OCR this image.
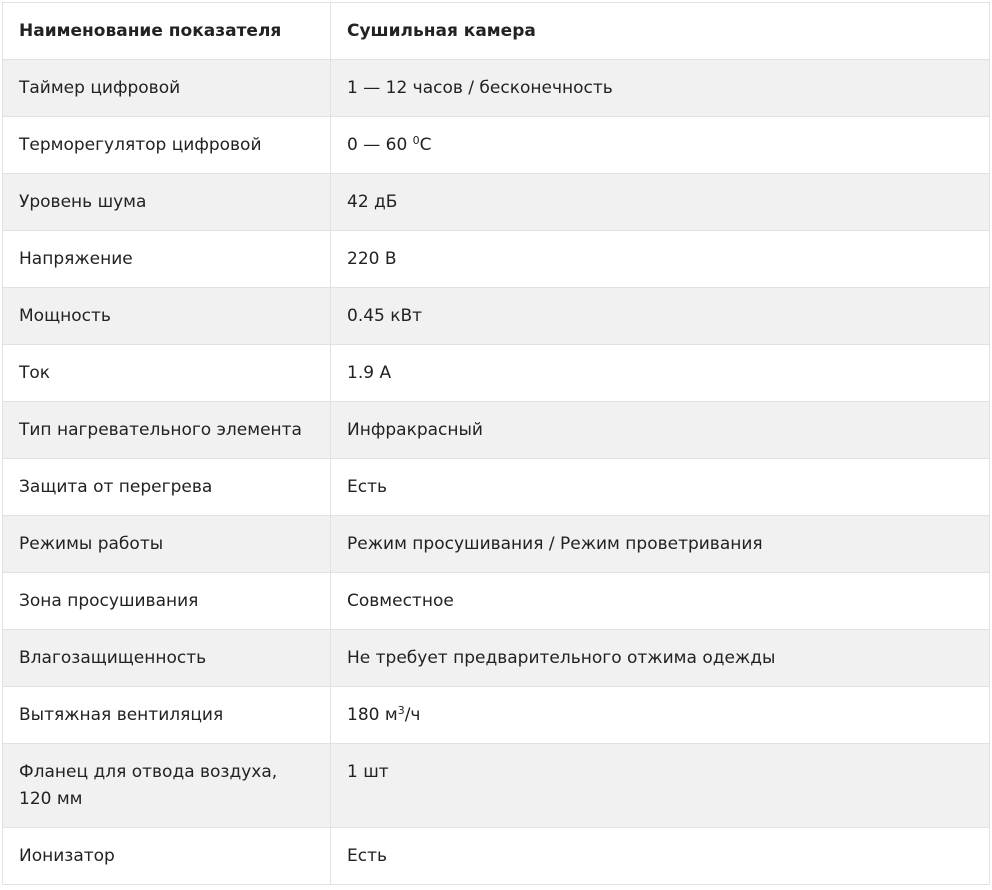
Наименование показателя	Сушильная камера
Таймер цифровой	1 — 12 часов / бесконечность
Терморегулятор цифровой	0 — 60 $^0$С
Уровень шума	42 дБ
Напряжение	220 В
Мощность	0.45 кВт
Ток	1.9 А
Тип нагревательного элемента	Инфракрасный
Защита от перегрева	Есть
Режимы работы	Режим просушивания / Режим проветривания
Зона просушивания	Совместное
Влагозащищенность	Не требует предварительного отжима одежды
Вытяжная вентиляция	180 $м^3/ч$
Фланец для отвода воздуха, 120 мм	1 шт
Ионизатор	Есть
